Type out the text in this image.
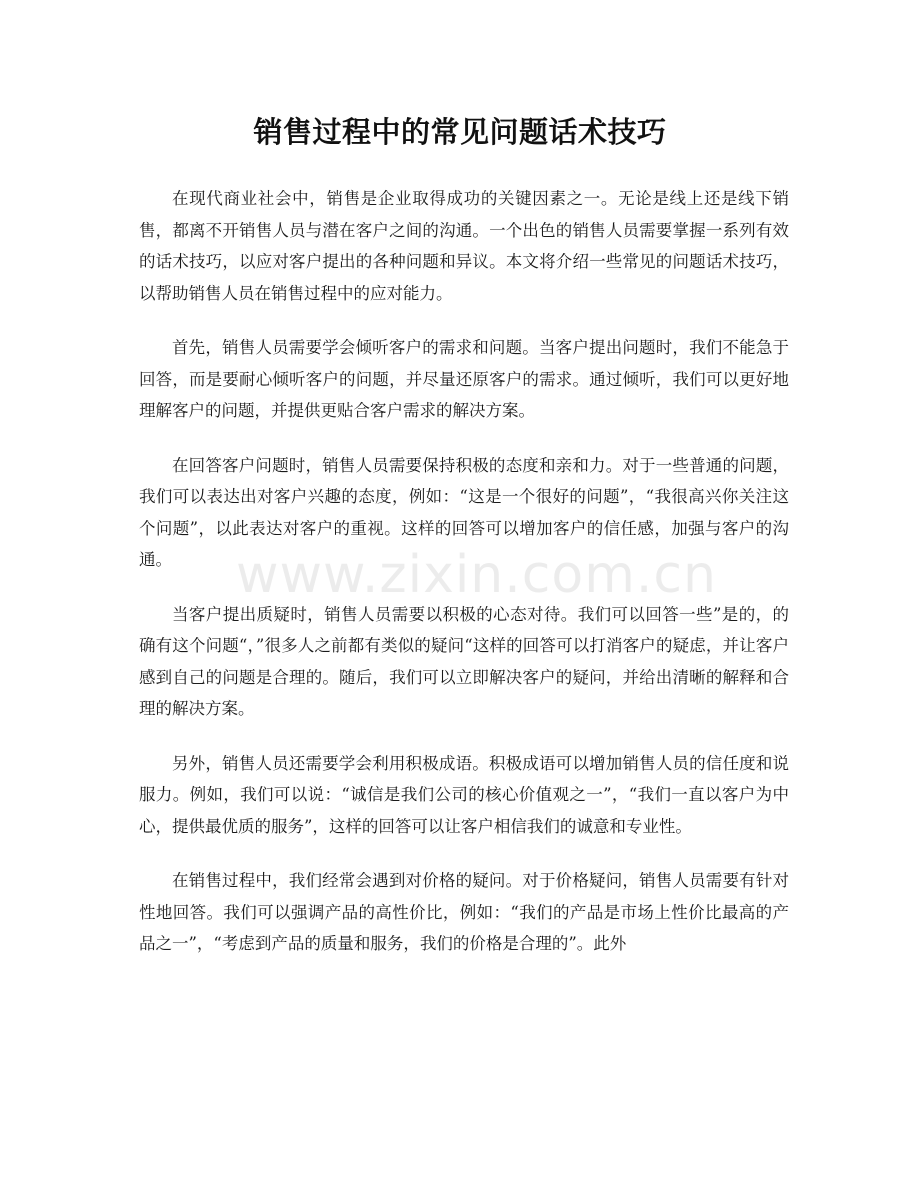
销售过程中的常见问题话术技巧

在现代商业社会中，销售是企业取得成功的关键因素之一。无论是线上还是线下销售，都离不开销售人员与潜在客户之间的沟通。一个出色的销售人员需要掌握一系列有效的话术技巧，以应对客户提出的各种问题和异议。本文将介绍一些常见的问题话术技巧，以帮助销售人员在销售过程中的应对能力。

首先，销售人员需要学会倾听客户的需求和问题。当客户提出问题时，我们不能急于回答，而是要耐心倾听客户的问题，并尽量还原客户的需求。通过倾听，我们可以更好地理解客户的问题，并提供更贴合客户需求的解决方案。

在回答客户问题时，销售人员需要保持积极的态度和亲和力。对于一些普通的问题，我们可以表达出对客户兴趣的态度，例如：“这是一个很好的问题”，“我很高兴你关注这个问题”，以此表达对客户的重视。这样的回答可以增加客户的信任感，加强与客户的沟通。

当客户提出质疑时，销售人员需要以积极的心态对待。我们可以回答一些”是的，的确有这个问题“，”很多人之前都有类似的疑问“这样的回答可以打消客户的疑虑，并让客户感到自己的问题是合理的。随后，我们可以立即解决客户的疑问，并给出清晰的解释和合理的解决方案。

另外，销售人员还需要学会利用积极成语。积极成语可以增加销售人员的信任度和说服力。例如，我们可以说：“诚信是我们公司的核心价值观之一”，“我们一直以客户为中心，提供最优质的服务”，这样的回答可以让客户相信我们的诚意和专业性。

在销售过程中，我们经常会遇到对价格的疑问。对于价格疑问，销售人员需要有针对性地回答。我们可以强调产品的高性价比，例如：“我们的产品是市场上性价比最高的产品之一”，“考虑到产品的质量和服务，我们的价格是合理的”。此外

www.zixin.com.cn
